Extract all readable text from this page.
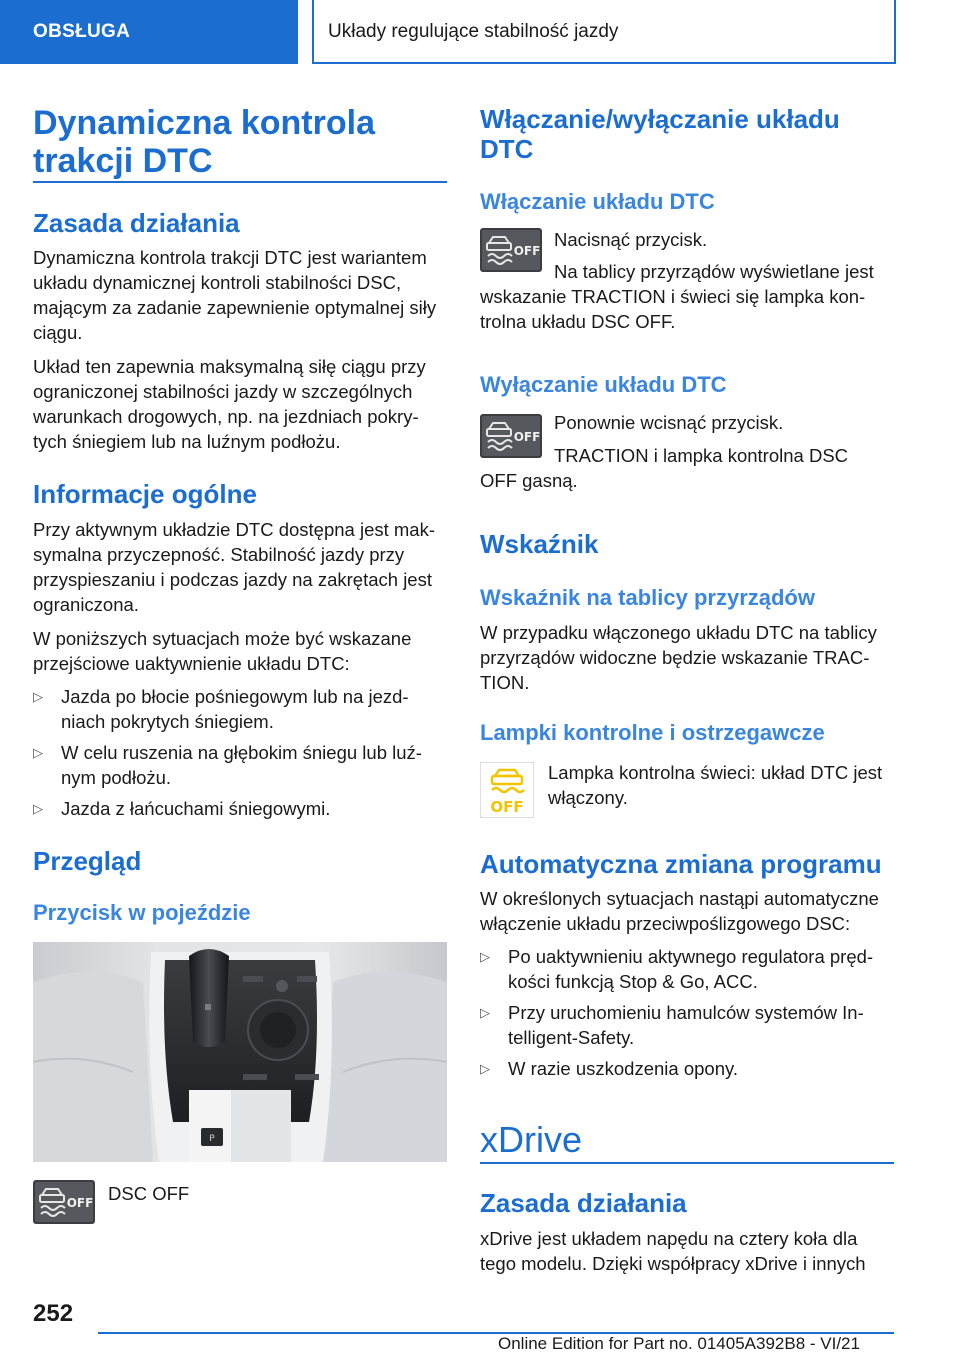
OBSŁUGA	Układy regulujące stabilność jazdy
Dynamiczna kontrola
trakcji DTC
Zasada działania
Dynamiczna kontrola trakcji DTC jest wariantem
układu dynamicznej kontroli stabilności DSC,
mającym za zadanie zapewnienie optymalnej siły
ciągu.
Układ ten zapewnia maksymalną siłę ciągu przy
ograniczonej stabilności jazdy w szczególnych
warunkach drogowych, np. na jezdniach pokry-
tych śniegiem lub na luźnym podłożu.
Informacje ogólne
Przy aktywnym układzie DTC dostępna jest mak-
symalna przyczepność. Stabilność jazdy przy
przyspieszaniu i podczas jazdy na zakrętach jest
ograniczona.
W poniższych sytuacjach może być wskazane
przejściowe uaktywnienie układu DTC:
▷ Jazda po błocie pośniegowym lub na jezd-
niach pokrytych śniegiem.
▷ W celu ruszenia na głębokim śniegu lub luź-
nym podłożu.
▷ Jazda z łańcuchami śniegowymi.
Przegląd
Przycisk w pojeździe
P
OFF DSC OFF
Włączanie/wyłączanie układu
DTC
Włączanie układu DTC
OFF
Nacisnąć przycisk.
Na tablicy przyrządów wyświetlane jest
wskazanie TRACTION i świeci się lampka kon-
trolna układu DSC OFF.
Wyłączanie układu DTC
OFF
Ponownie wcisnąć przycisk.
TRACTION i lampka kontrolna DSC
OFF gasną.
Wskaźnik
Wskaźnik na tablicy przyrządów
W przypadku włączonego układu DTC na tablicy
przyrządów widoczne będzie wskazanie TRAC-
TION.
Lampki kontrolne i ostrzegawcze
OFF
Lampka kontrolna świeci: układ DTC jest
włączony.
Automatyczna zmiana programu
W określonych sytuacjach nastąpi automatyczne
włączenie układu przeciwpoślizgowego DSC:
▷ Po uaktywnieniu aktywnego regulatora pręd-
kości funkcją Stop & Go, ACC.
▷ Przy uruchomieniu hamulców systemów In-
telligent-Safety.
▷ W razie uszkodzenia opony.
xDrive
Zasada działania
xDrive jest układem napędu na cztery koła dla
tego modelu. Dzięki współpracy xDrive i innych
252
Online Edition for Part no. 01405A392B8 - VI/21
